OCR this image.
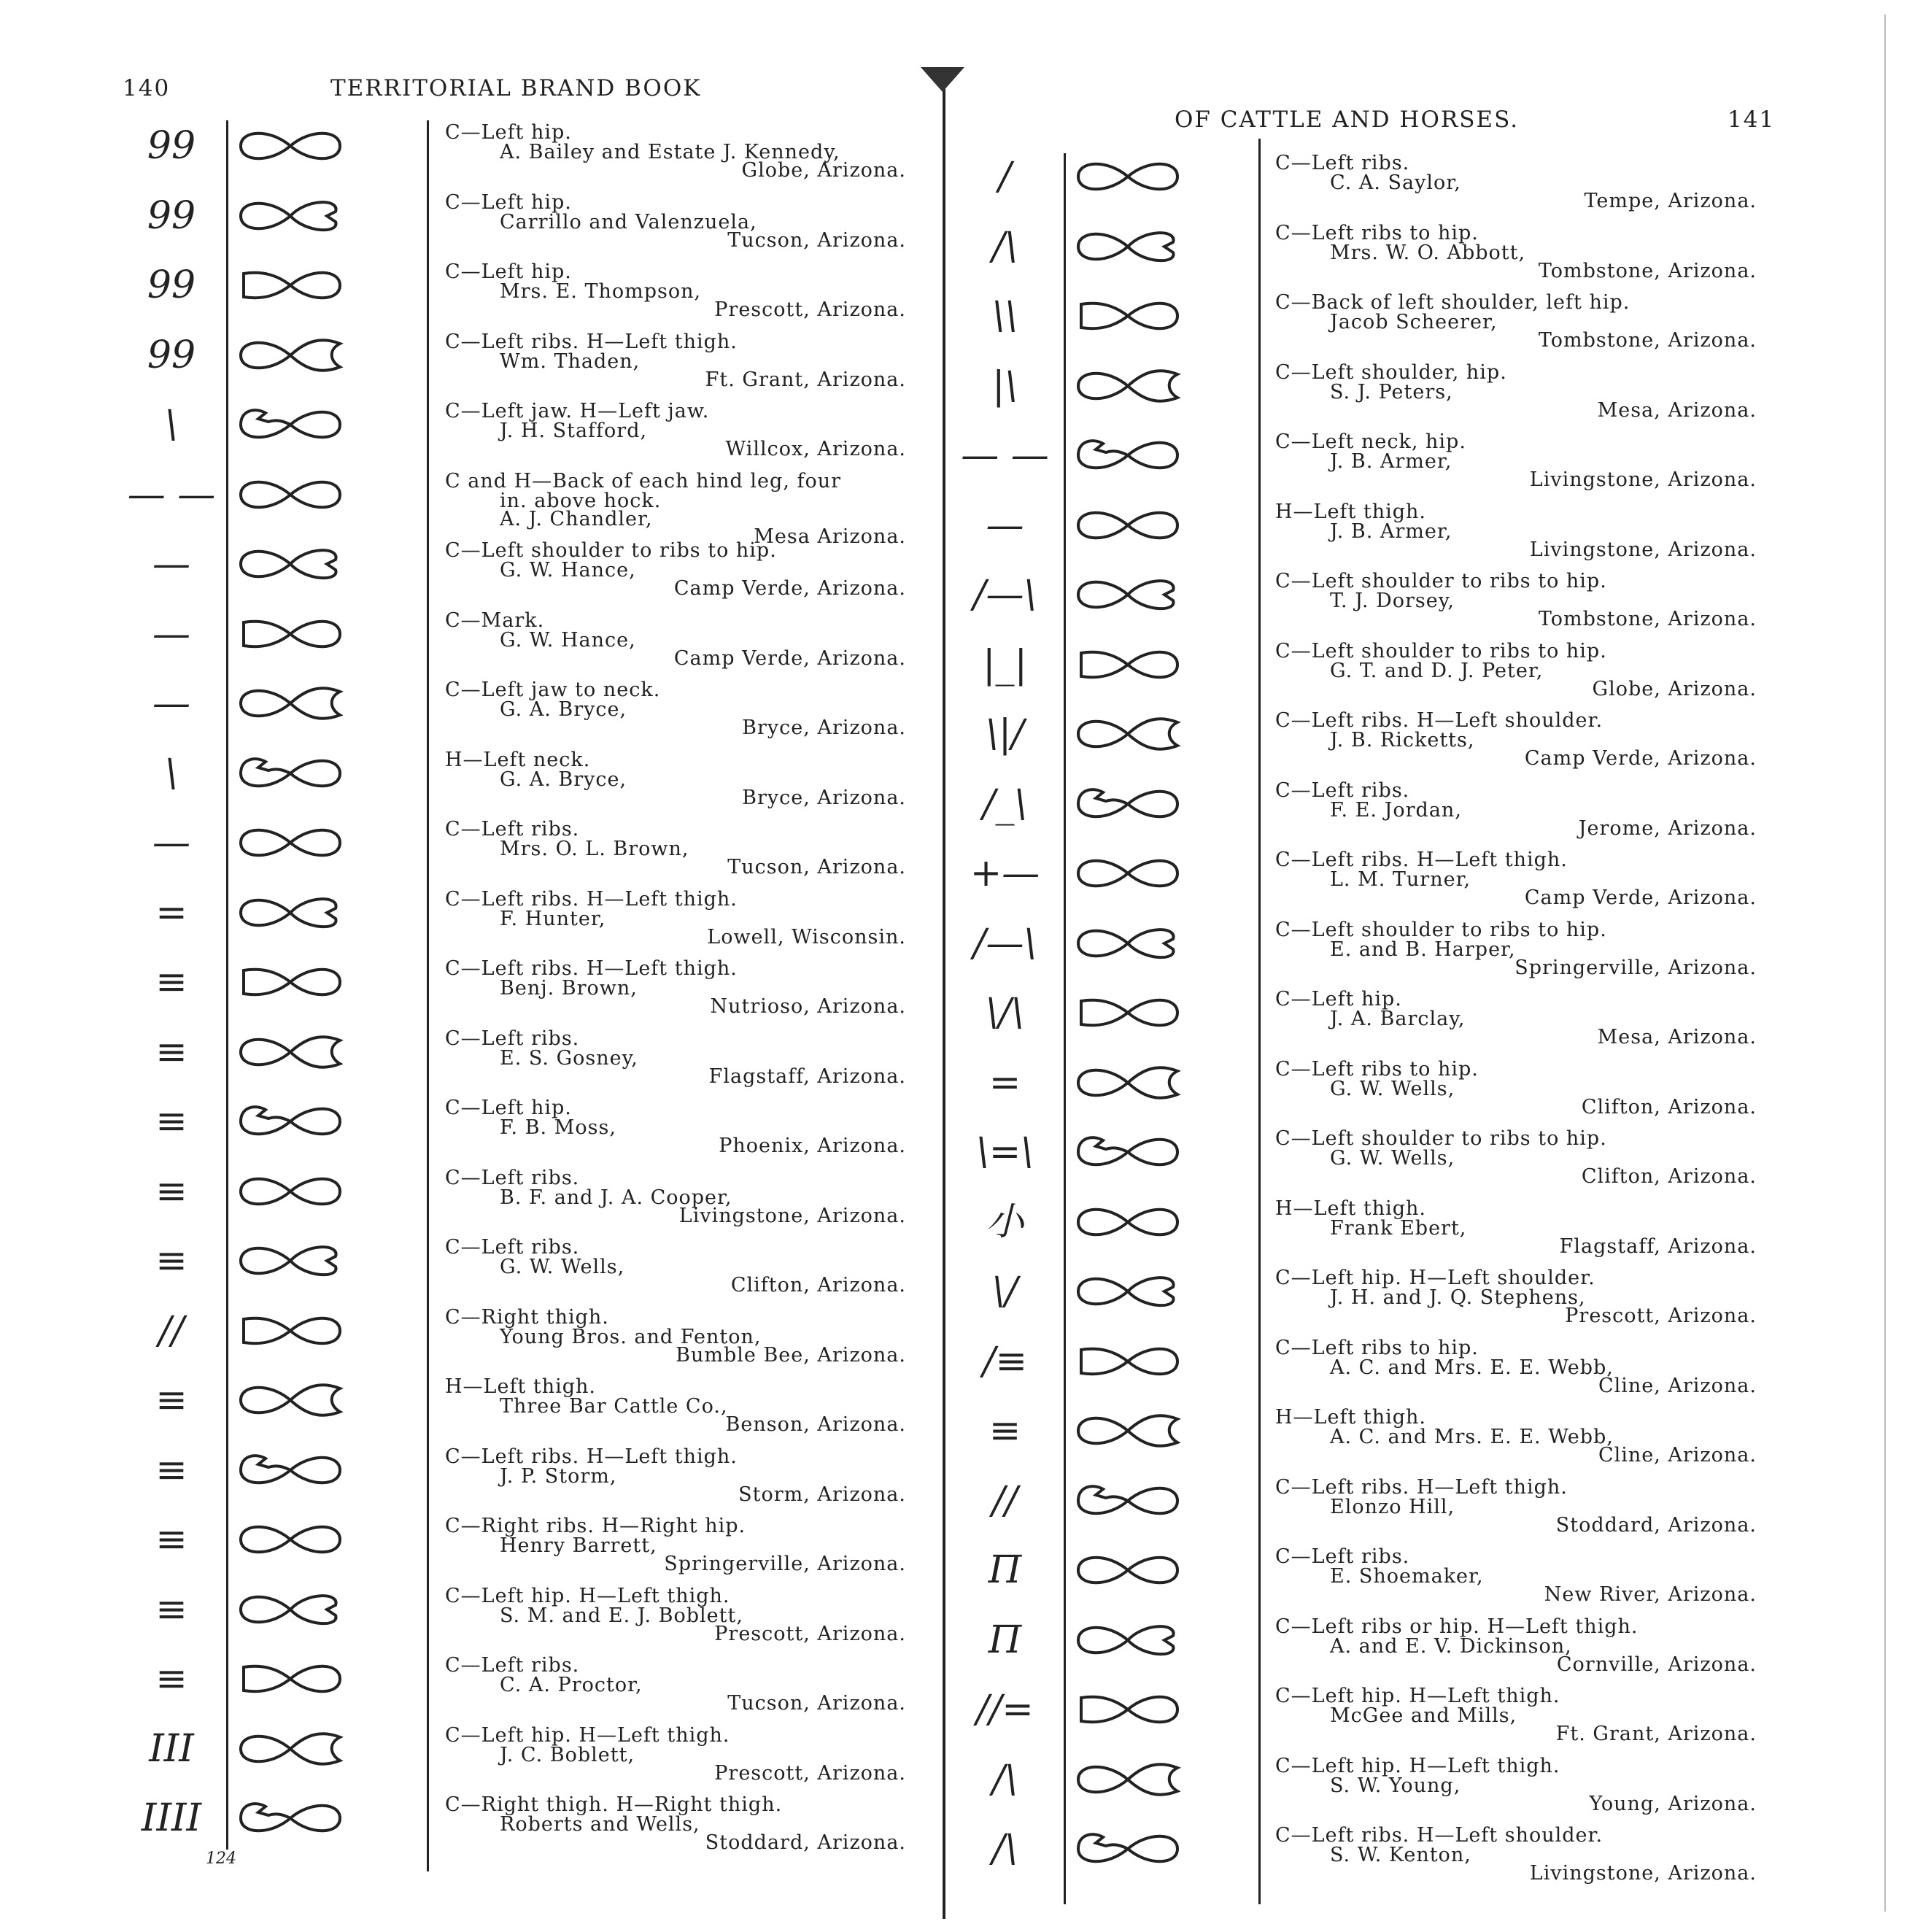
140	TERRITORIAL BRAND BOOK
OF CATTLE AND HORSES.	141
124
99
99
99
99
\
— —
—
—
—
\
—
=
≡
≡
≡
≡
≡
//
≡
≡
≡
≡
≡
III
IIII
C—Left hip.
A. Bailey and Estate J. Kennedy,
Globe, Arizona.
C—Left hip.
Carrillo and Valenzuela,
Tucson, Arizona.
C—Left hip.
Mrs. E. Thompson,
Prescott, Arizona.
C—Left ribs. H—Left thigh.
Wm. Thaden,
Ft. Grant, Arizona.
C—Left jaw. H—Left jaw.
J. H. Stafford,
Willcox, Arizona.
C and H—Back of each hind leg, four
in. above hock.
A. J. Chandler,
Mesa Arizona.
C—Left shoulder to ribs to hip.
G. W. Hance,
Camp Verde, Arizona.
C—Mark.
G. W. Hance,
Camp Verde, Arizona.
C—Left jaw to neck.
G. A. Bryce,
Bryce, Arizona.
H—Left neck.
G. A. Bryce,
Bryce, Arizona.
C—Left ribs.
Mrs. O. L. Brown,
Tucson, Arizona.
C—Left ribs. H—Left thigh.
F. Hunter,
Lowell, Wisconsin.
C—Left ribs. H—Left thigh.
Benj. Brown,
Nutrioso, Arizona.
C—Left ribs.
E. S. Gosney,
Flagstaff, Arizona.
C—Left hip.
F. B. Moss,
Phoenix, Arizona.
C—Left ribs.
B. F. and J. A. Cooper,
Livingstone, Arizona.
C—Left ribs.
G. W. Wells,
Clifton, Arizona.
C—Right thigh.
Young Bros. and Fenton,
Bumble Bee, Arizona.
H—Left thigh.
Three Bar Cattle Co.,
Benson, Arizona.
C—Left ribs. H—Left thigh.
J. P. Storm,
Storm, Arizona.
C—Right ribs. H—Right hip.
Henry Barrett,
Springerville, Arizona.
C—Left hip. H—Left thigh.
S. M. and E. J. Boblett,
Prescott, Arizona.
C—Left ribs.
C. A. Proctor,
Tucson, Arizona.
C—Left hip. H—Left thigh.
J. C. Boblett,
Prescott, Arizona.
C—Right thigh. H—Right thigh.
Roberts and Wells,
Stoddard, Arizona.
/
/\
\\
|\
— —
—
/—\
|_|
\|/
/_\
+—
/—\
\/\
=
\=\
小
\/
/≡
≡
//
Π
Π
//=
/\
/\
C—Left ribs.
C. A. Saylor,
Tempe, Arizona.
C—Left ribs to hip.
Mrs. W. O. Abbott,
Tombstone, Arizona.
C—Back of left shoulder, left hip.
Jacob Scheerer,
Tombstone, Arizona.
C—Left shoulder, hip.
S. J. Peters,
Mesa, Arizona.
C—Left neck, hip.
J. B. Armer,
Livingstone, Arizona.
H—Left thigh.
J. B. Armer,
Livingstone, Arizona.
C—Left shoulder to ribs to hip.
T. J. Dorsey,
Tombstone, Arizona.
C—Left shoulder to ribs to hip.
G. T. and D. J. Peter,
Globe, Arizona.
C—Left ribs. H—Left shoulder.
J. B. Ricketts,
Camp Verde, Arizona.
C—Left ribs.
F. E. Jordan,
Jerome, Arizona.
C—Left ribs. H—Left thigh.
L. M. Turner,
Camp Verde, Arizona.
C—Left shoulder to ribs to hip.
E. and B. Harper,
Springerville, Arizona.
C—Left hip.
J. A. Barclay,
Mesa, Arizona.
C—Left ribs to hip.
G. W. Wells,
Clifton, Arizona.
C—Left shoulder to ribs to hip.
G. W. Wells,
Clifton, Arizona.
H—Left thigh.
Frank Ebert,
Flagstaff, Arizona.
C—Left hip. H—Left shoulder.
J. H. and J. Q. Stephens,
Prescott, Arizona.
C—Left ribs to hip.
A. C. and Mrs. E. E. Webb,
Cline, Arizona.
H—Left thigh.
A. C. and Mrs. E. E. Webb,
Cline, Arizona.
C—Left ribs. H—Left thigh.
Elonzo Hill,
Stoddard, Arizona.
C—Left ribs.
E. Shoemaker,
New River, Arizona.
C—Left ribs or hip. H—Left thigh.
A. and E. V. Dickinson,
Cornville, Arizona.
C—Left hip. H—Left thigh.
McGee and Mills,
Ft. Grant, Arizona.
C—Left hip. H—Left thigh.
S. W. Young,
Young, Arizona.
C—Left ribs. H—Left shoulder.
S. W. Kenton,
Livingstone, Arizona.
